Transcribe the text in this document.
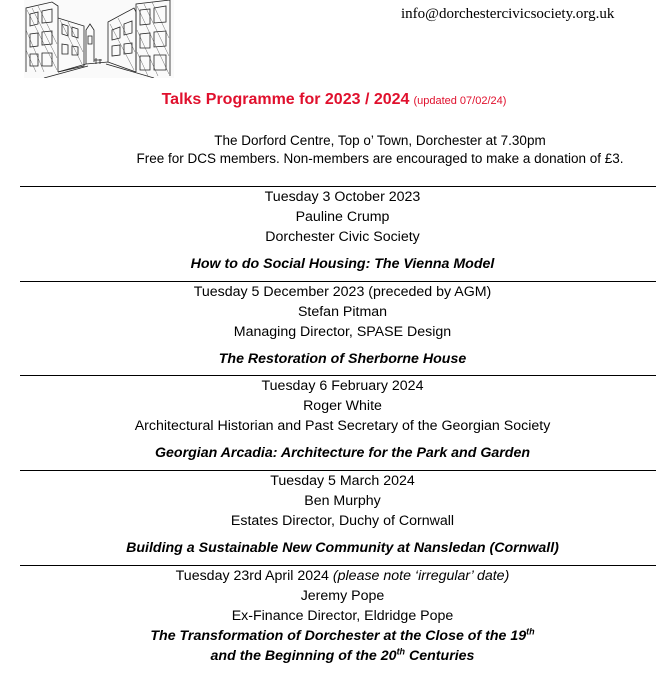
info@dorchestercivicsociety.org.uk
Talks Programme for 2023 / 2024 (updated 07/02/24)
The Dorford Centre, Top o’ Town, Dorchester at 7.30pm
Free for DCS members. Non-members are encouraged to make a donation of £3.
Tuesday 3 October 2023
Pauline Crump
Dorchester Civic Society
How to do Social Housing: The Vienna Model
Tuesday 5 December 2023 (preceded by AGM)
Stefan Pitman
Managing Director, SPASE Design
The Restoration of Sherborne House
Tuesday 6 February 2024
Roger White
Architectural Historian and Past Secretary of the Georgian Society
Georgian Arcadia: Architecture for the Park and Garden
Tuesday 5 March 2024
Ben Murphy
Estates Director, Duchy of Cornwall
Building a Sustainable New Community at Nansledan (Cornwall)
Tuesday 23rd April 2024 (please note ‘irregular’ date)
Jeremy Pope
Ex-Finance Director, Eldridge Pope
The Transformation of Dorchester at the Close of the 19th
and the Beginning of the 20th Centuries
